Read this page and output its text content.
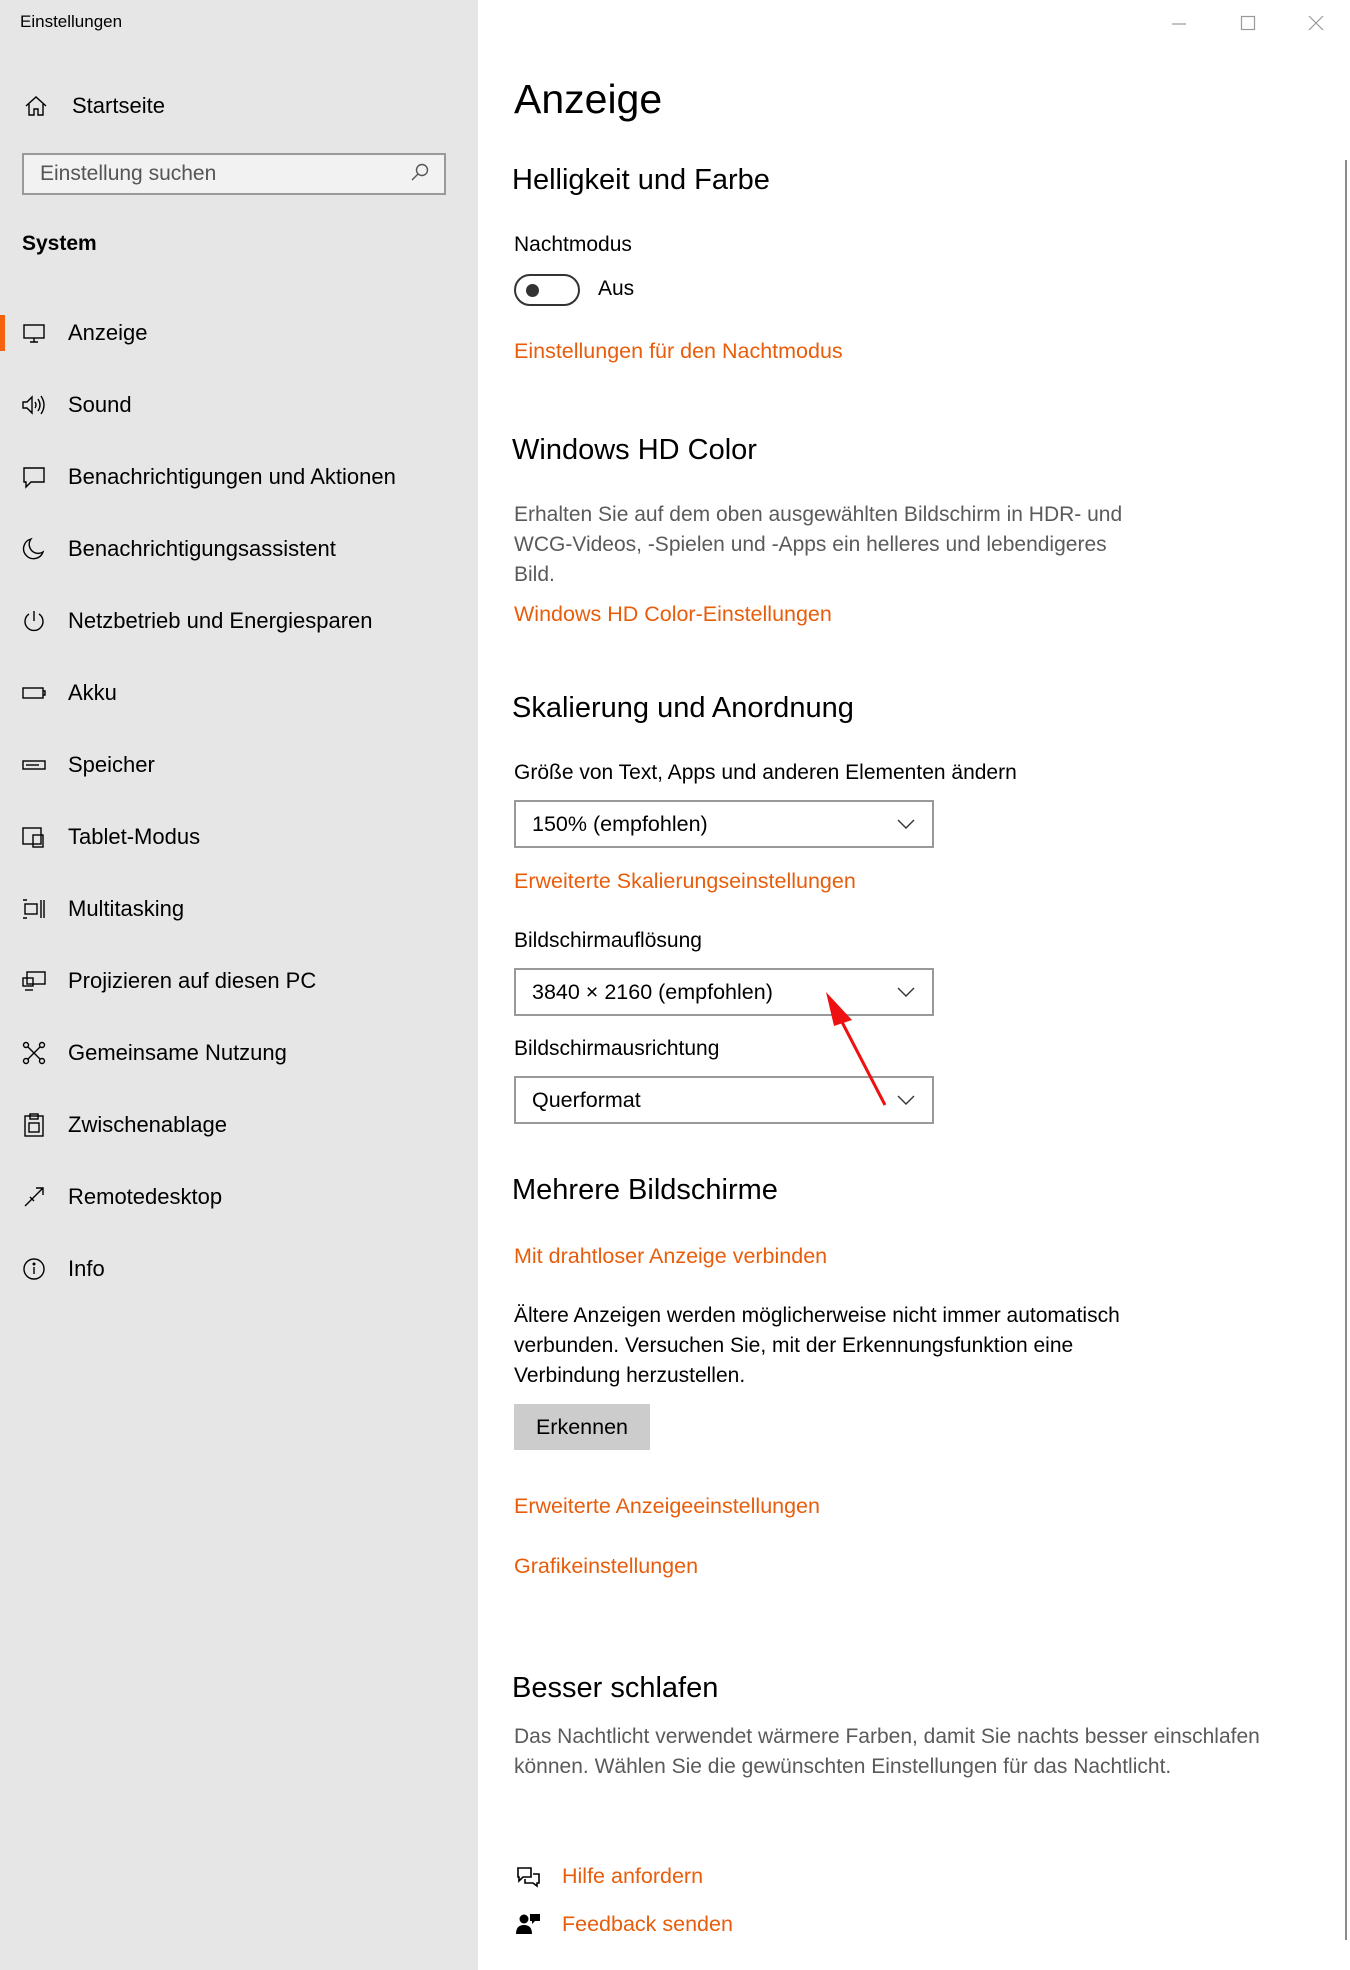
Einstellungen
Startseite
Einstellung suchen
System
Anzeige
Sound
Benachrichtigungen und Aktionen
Benachrichtigungsassistent
Netzbetrieb und Energiesparen
Akku
Speicher
Tablet-Modus
Multitasking
Projizieren auf diesen PC
Gemeinsame Nutzung
Zwischenablage
Remotedesktop
Info
Anzeige
Helligkeit und Farbe
Nachtmodus
Aus
Einstellungen für den Nachtmodus
Windows HD Color
Erhalten Sie auf dem oben ausgewählten Bildschirm in HDR- und
WCG-Videos, -Spielen und -Apps ein helleres und lebendigeres
Bild.
Windows HD Color-Einstellungen
Skalierung und Anordnung
Größe von Text, Apps und anderen Elementen ändern
150% (empfohlen)
Erweiterte Skalierungseinstellungen
Bildschirmauflösung
3840 × 2160 (empfohlen)
Bildschirmausrichtung
Querformat
Mehrere Bildschirme
Mit drahtloser Anzeige verbinden
Ältere Anzeigen werden möglicherweise nicht immer automatisch
verbunden. Versuchen Sie, mit der Erkennungsfunktion eine
Verbindung herzustellen.
Erkennen
Erweiterte Anzeigeeinstellungen
Grafikeinstellungen
Besser schlafen
Das Nachtlicht verwendet wärmere Farben, damit Sie nachts besser einschlafen
können. Wählen Sie die gewünschten Einstellungen für das Nachtlicht.
Hilfe anfordern
Feedback senden
